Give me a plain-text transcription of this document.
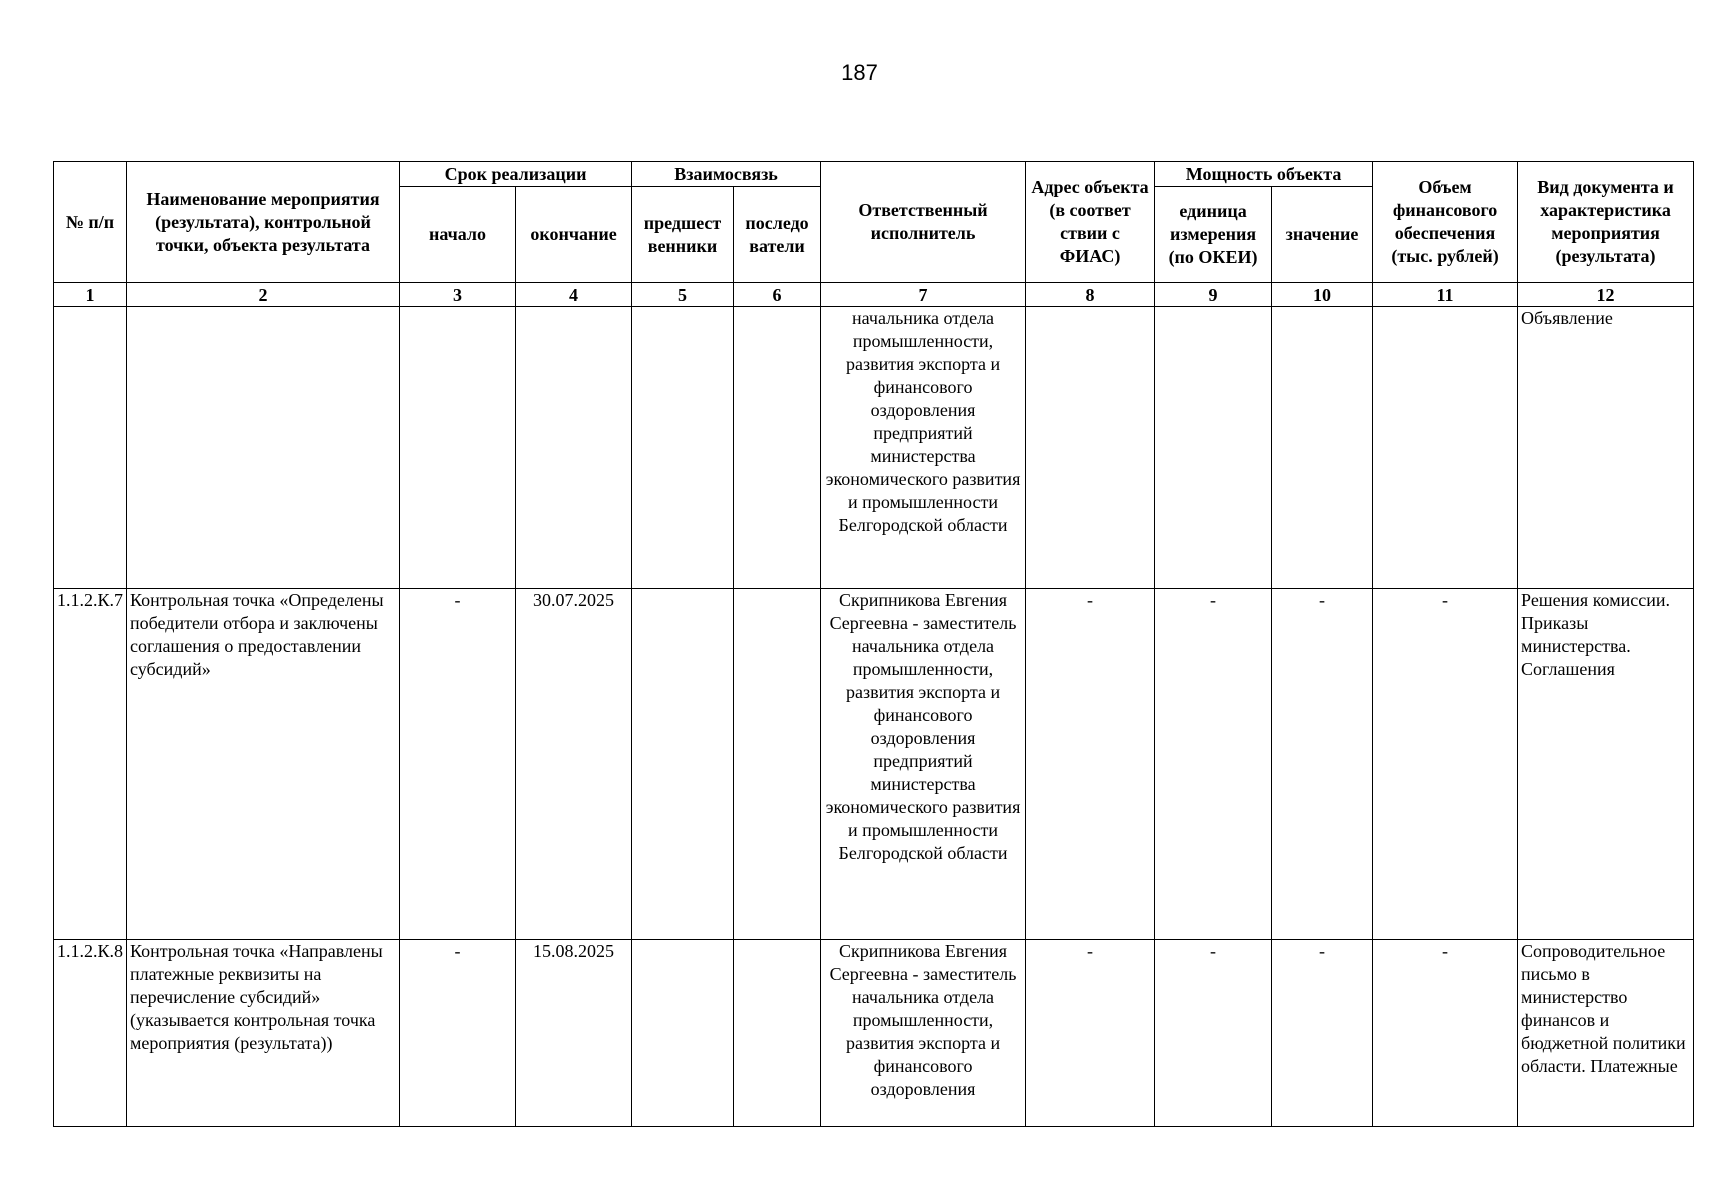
187
№ п/п	Наименование мероприятия (результата), контрольной точки, объекта результата	Срок реализации		Взаимосвязь		Ответственный исполнитель	Адрес объекта (в соответ ствии с ФИАС)	Мощность объекта		Объем финансового обеспечения (тыс. рублей)	Вид документа и характеристика мероприятия (результата)
		начало	окончание	предшест венники	последо ватели			единица измерения (по ОКЕИ)	значение		
1	2	3	4	5	6	7	8	9	10	11	12
						начальника отдела промышленности, развития экспорта и финансового оздоровления предприятий министерства экономического развития и промышленности Белгородской области					Объявление
1.1.2.К.7	Контрольная точка «Определены победители отбора и заключены соглашения о предоставлении субсидий»	-	30.07.2025			Скрипникова Евгения Сергеевна - заместитель начальника отдела промышленности, развития экспорта и финансового оздоровления предприятий министерства экономического развития и промышленности Белгородской области	-	-	-	-	Решения комиссии. Приказы министерства. Соглашения
1.1.2.К.8	Контрольная точка «Направлены платежные реквизиты на перечисление субсидий» (указывается контрольная точка мероприятия (результата))	-	15.08.2025			Скрипникова Евгения Сергеевна - заместитель начальника отдела промышленности, развития экспорта и финансового оздоровления	-	-	-	-	Сопроводительное письмо в министерство финансов и бюджетной политики области. Платежные
